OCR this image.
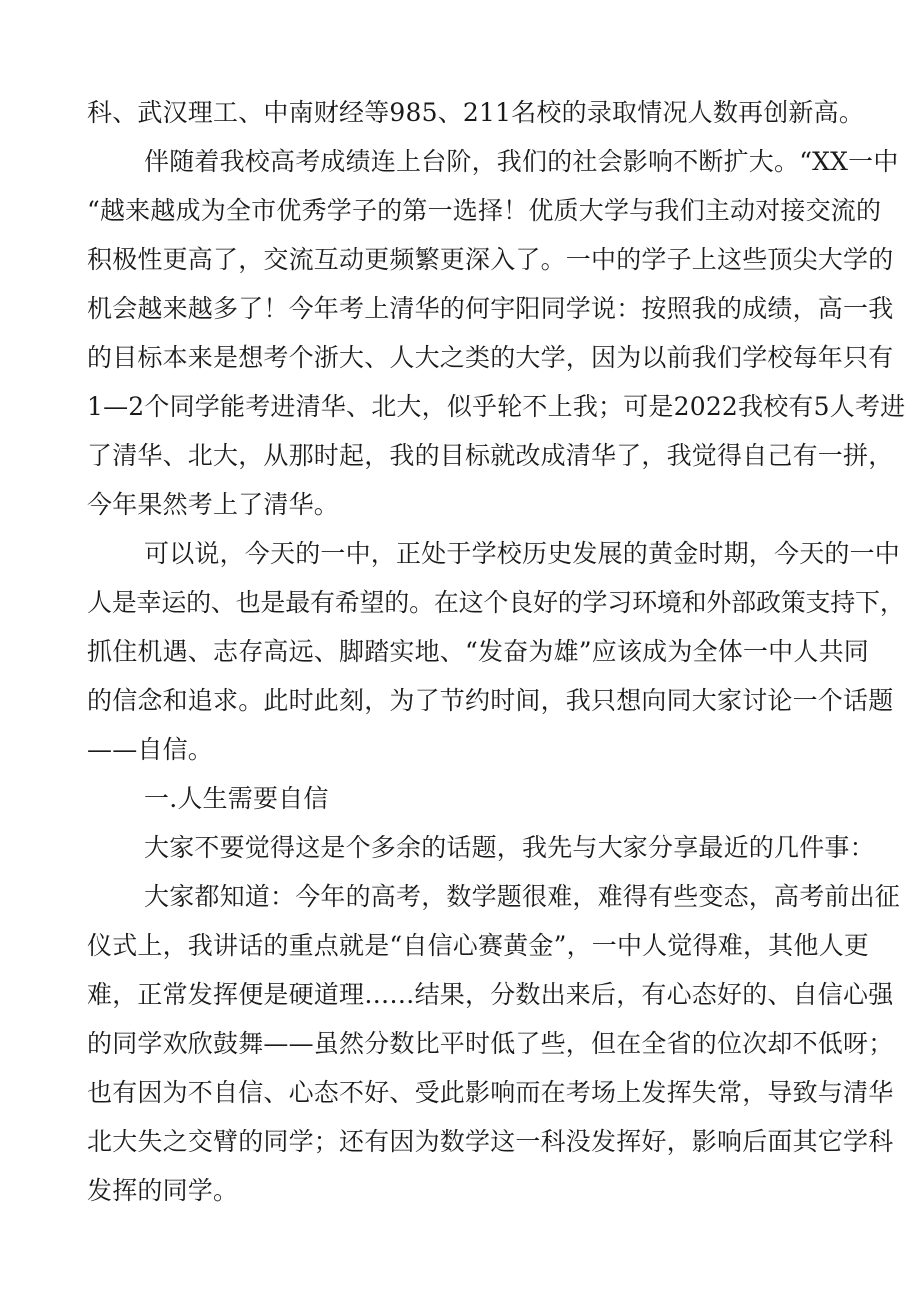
科、武汉理工、中南财经等985、211名校的录取情况人数再创新高。
伴随着我校高考成绩连上台阶，我们的社会影响不断扩大。“XX一中
“越来越成为全市优秀学子的第一选择！优质大学与我们主动对接交流的
积极性更高了，交流互动更频繁更深入了。一中的学子上这些顶尖大学的
机会越来越多了！今年考上清华的何宇阳同学说：按照我的成绩，高一我
的目标本来是想考个浙大、人大之类的大学，因为以前我们学校每年只有
1—2个同学能考进清华、北大，似乎轮不上我；可是2022我校有5人考进
了清华、北大，从那时起，我的目标就改成清华了，我觉得自己有一拼，
今年果然考上了清华。
可以说，今天的一中，正处于学校历史发展的黄金时期，今天的一中
人是幸运的、也是最有希望的。在这个良好的学习环境和外部政策支持下，
抓住机遇、志存高远、脚踏实地、“发奋为雄”应该成为全体一中人共同
的信念和追求。此时此刻，为了节约时间，我只想向同大家讨论一个话题
——自信。
一.人生需要自信
大家不要觉得这是个多余的话题，我先与大家分享最近的几件事：
大家都知道：今年的高考，数学题很难，难得有些变态，高考前出征
仪式上，我讲话的重点就是“自信心赛黄金”，一中人觉得难，其他人更
难，正常发挥便是硬道理……结果，分数出来后，有心态好的、自信心强
的同学欢欣鼓舞——虽然分数比平时低了些，但在全省的位次却不低呀；
也有因为不自信、心态不好、受此影响而在考场上发挥失常，导致与清华
北大失之交臂的同学；还有因为数学这一科没发挥好，影响后面其它学科
发挥的同学。
